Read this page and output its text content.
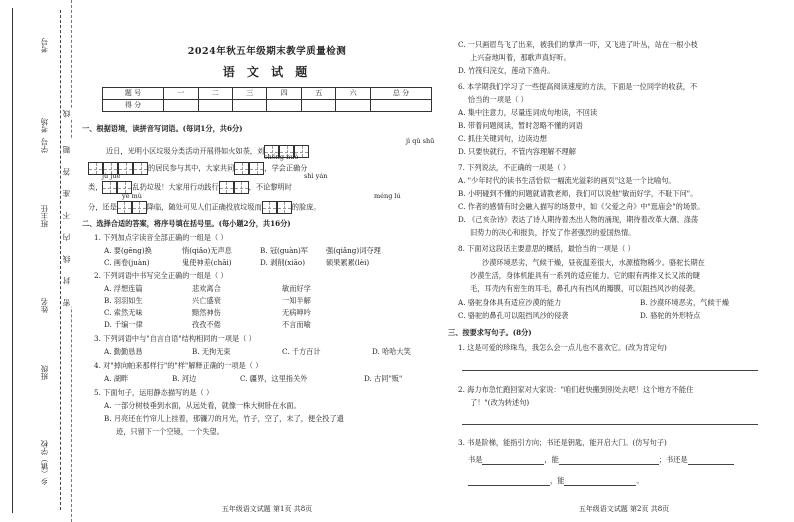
考号
考场
班主任
学号
姓名
班级
乡（镇）学校
密 封 线 内 不 准 答 题
线
2024年秋五年级期末教学质量检测
语 文 试 题
题 号	一	二	三	四	五	六	总 分
得 分							
一、根据语境，读拼音写词语。(每词1分，共6分)
jì qǔ shū
近日，光明小区垃圾分类活动开展得如火如荼，刘
chéng nuò
的居民参与其中，大家共同	，学会正确分
jù jué	shì yán
类，	乱扔垃圾！大家用行动践行	，不论黎明时
yè mù	méng lú
分，还是	降临，随处可见人们正确投放垃圾而	的脸庞。
二、选择合适的答案，将序号填在括号里。(每小题2分，共16分)
1. 下列加点字读音全部正确的一组是（ ）
A. 要(gēng)换	悄(qiǎo)无声息	B. 冠(guàn)军	强(qiǎng)词夺理
C. 画卷(juàn)	鬼使神差(chāi)	D. 剥削(xiāo)	硕果累累(lèi)
2. 下列词语中书写完全正确的一组是（ ）
A. 浮想连篇	悲欢离合	敏而好学
B. 羽羽如生	兴亡盛衰	一知半解
C. 索然无味	黯然神伤	无病呻吟
D. 千编一律	孜孜不倦	不言而喻
3. 下列词语中与"自言自语"结构相同的一项是（ ）
A. 勤勤恳恳	B. 无拘无束	C. 千方百计	D. 哈哈大笑
4. 对"掉向帕来那样行"的"样"解释正确的一项是（ ）
A. 湖畔	B. 河边	C. 疆界，这里指关外	D. 古同"贩"
5. 下面句子，运用静态描写的是（ ）
A. 一部分树枝垂到水面，从远处看，就像一株大树卧在水面。
B. 月亮还在竹帘儿上挂着，那镰刀的月光，竹子，空了，末了，便全投了遗
迹，只留下一个空镜，一个失望。
五年级语文试题 第1页 共8页
C. 一只画眉鸟飞了出来，被我们的掌声一吓，又飞进了叶丛，站在一根小枝
上兴奋地叫着，那歌声真好听。
D. 竹筏归浣女，莲动下渔舟。
6. 本学期我们学习了一些提高阅读速度的方法，下面是一位同学的收获，不
恰当的一项是（ ）
A. 集中注意力，尽量连词成句地读，不回读
B. 带着问题阅读，暂时忽略不懂的词语
C. 抓住关键词句，边读边想
D. 只要快就行，不管内容理解不理解
7. 下列说法，不正确的一项是（ ）
A. "少年时代的读书生活恰似一幅流光溢彩的画页"这是一个比喻句。
B. 小明碰到不懂的问题就请教老师，我们可以说他"敏而好学，不耻下问"。
C. 作者的感情有时会融入描写的场景中，如《父爱之舟》中"逛庙会"的场景。
D. 《己亥杂诗》表达了诗人期待着杰出人物的涌现，期待着改革大潮、涤荡
旧势力的决心和报负，抒发了作者强烈的爱国热情。
8. 下面对这段话主要意思的概括，最恰当的一项是（ ）
沙漠环境恶劣，气候干燥，昼夜温差很大，水源植物稀少。骆驼长期在
沙漠生活，身体机能具有一系列的适应能力。它的眼有两排又长又浓的睫
毛，耳壳内有密生的耳毛，鼻孔内有挡风的瓣膜，可以阻挡风沙的侵袭。
A. 骆驼身体具有适应沙漠的能力	B. 沙漠环境恶劣，气候干燥
C. 骆驼的鼻孔可以阻挡风沙的侵袭	D. 骆驼的外形特点
三、按要求写句子。(8分)
1. 这是可爱的珍珠鸟，我怎么会一点儿也不喜欢它。(改为肯定句)
2. 海力布急忙跑回家对大家说："咱们赶快搬到别处去吧！这个地方不能住
了！"(改为转述句)
3. 书是阶梯，能指引方向；书还是钥匙，能开启大门。(仿写句子)
书是	，能	；书还是
，能	。
五年级语文试题 第2页 共8页
